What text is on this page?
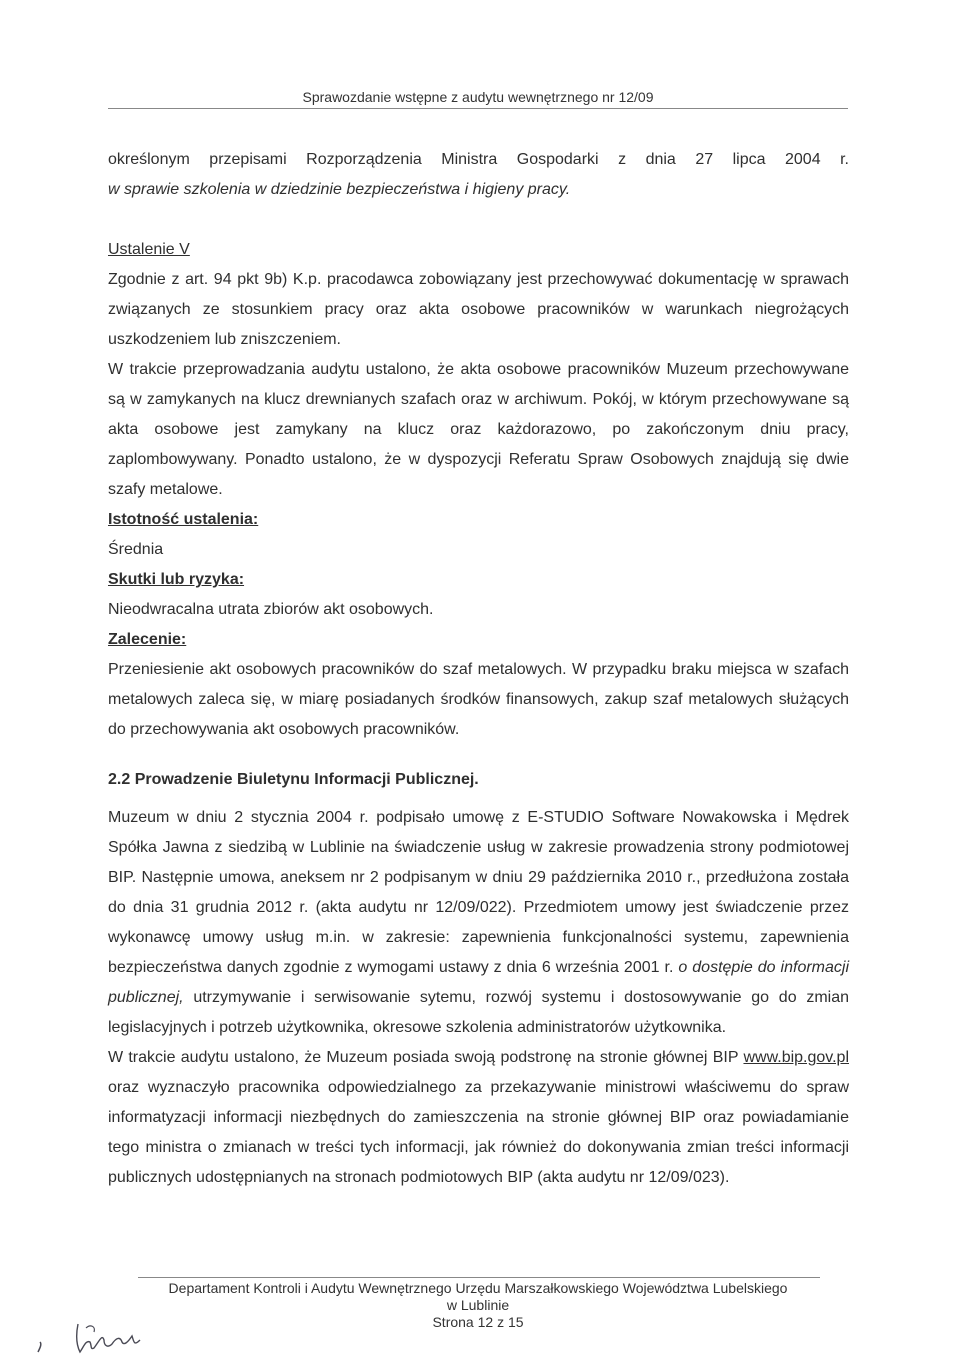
Sprawozdanie wstępne z audytu wewnętrznego nr 12/09

określonym przepisami Rozporządzenia Ministra Gospodarki z dnia 27 lipca 2004 r.

w sprawie szkolenia w dziedzinie bezpieczeństwa i higieny pracy.

Ustalenie V

Zgodnie z art. 94 pkt 9b) K.p. pracodawca zobowiązany jest przechowywać dokumentację w sprawach związanych ze stosunkiem pracy oraz akta osobowe pracowników w warunkach niegrożących uszkodzeniem lub zniszczeniem.

W trakcie przeprowadzania audytu ustalono, że akta osobowe pracowników Muzeum przechowywane są w zamykanych na klucz drewnianych szafach oraz w archiwum. Pokój, w którym przechowywane są akta osobowe jest zamykany na klucz oraz każdorazowo, po zakończonym dniu pracy, zaplombowywany. Ponadto ustalono, że w dyspozycji Referatu Spraw Osobowych znajdują się dwie szafy metalowe.

Istotność ustalenia:

Średnia

Skutki lub ryzyka:

Nieodwracalna utrata zbiorów akt osobowych.

Zalecenie:

Przeniesienie akt osobowych pracowników do szaf metalowych. W przypadku braku miejsca w szafach metalowych zaleca się, w miarę posiadanych środków finansowych, zakup szaf metalowych służących do przechowywania akt osobowych pracowników.

2.2 Prowadzenie Biuletynu Informacji Publicznej.

Muzeum w dniu 2 stycznia 2004 r. podpisało umowę z E-STUDIO Software Nowakowska i Mędrek Spółka Jawna z siedzibą w Lublinie na świadczenie usług w zakresie prowadzenia strony podmiotowej BIP. Następnie umowa, aneksem nr 2 podpisanym w dniu 29 października 2010 r., przedłużona została do dnia 31 grudnia 2012 r. (akta audytu nr 12/09/022). Przedmiotem umowy jest świadczenie przez wykonawcę umowy usług m.in. w zakresie: zapewnienia funkcjonalności systemu, zapewnienia bezpieczeństwa danych zgodnie z wymogami ustawy z dnia 6 września 2001 r. o dostępie do informacji publicznej, utrzymywanie i serwisowanie sytemu, rozwój systemu i dostosowywanie go do zmian legislacyjnych i potrzeb użytkownika, okresowe szkolenia administratorów użytkownika.

W trakcie audytu ustalono, że Muzeum posiada swoją podstronę na stronie głównej BIP www.bip.gov.pl oraz wyznaczyło pracownika odpowiedzialnego za przekazywanie ministrowi właściwemu do spraw informatyzacji informacji niezbędnych do zamieszczenia na stronie głównej BIP oraz powiadamianie tego ministra o zmianach w treści tych informacji, jak również do dokonywania zmian treści informacji publicznych udostępnianych na stronach podmiotowych BIP (akta audytu nr 12/09/023).

Departament Kontroli i Audytu Wewnętrznego Urzędu Marszałkowskiego Województwa Lubelskiego
w Lublinie
Strona 12 z 15
